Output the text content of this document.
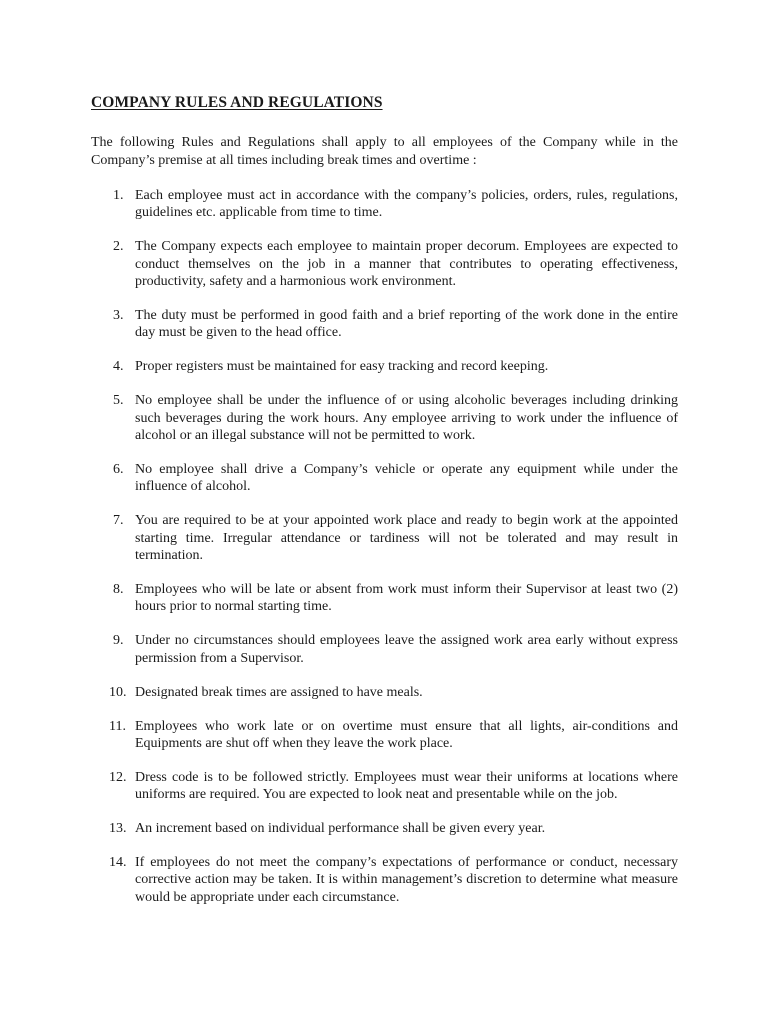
COMPANY RULES AND REGULATIONS

The following Rules and Regulations shall apply to all employees of the Company while in the Company’s premise at all times including break times and overtime :

1. Each employee must act in accordance with the company’s policies, orders, rules, regulations, guidelines etc. applicable from time to time.
2. The Company expects each employee to maintain proper decorum. Employees are expected to conduct themselves on the job in a manner that contributes to operating effectiveness, productivity, safety and a harmonious work environment.
3. The duty must be performed in good faith and a brief reporting of the work done in the entire day must be given to the head office.
4. Proper registers must be maintained for easy tracking and record keeping.
5. No employee shall be under the influence of or using alcoholic beverages including drinking such beverages during the work hours. Any employee arriving to work under the influence of alcohol or an illegal substance will not be permitted to work.
6. No employee shall drive a Company’s vehicle or operate any equipment while under the influence of alcohol.
7. You are required to be at your appointed work place and ready to begin work at the appointed starting time. Irregular attendance or tardiness will not be tolerated and may result in termination.
8. Employees who will be late or absent from work must inform their Supervisor at least two (2) hours prior to normal starting time.
9. Under no circumstances should employees leave the assigned work area early without express permission from a Supervisor.
10. Designated break times are assigned to have meals.
11. Employees who work late or on overtime must ensure that all lights, air-conditions and Equipments are shut off when they leave the work place.
12. Dress code is to be followed strictly. Employees must wear their uniforms at locations where uniforms are required. You are expected to look neat and presentable while on the job.
13. An increment based on individual performance shall be given every year.
14. If employees do not meet the company’s expectations of performance or conduct, necessary corrective action may be taken. It is within management’s discretion to determine what measure would be appropriate under each circumstance.
